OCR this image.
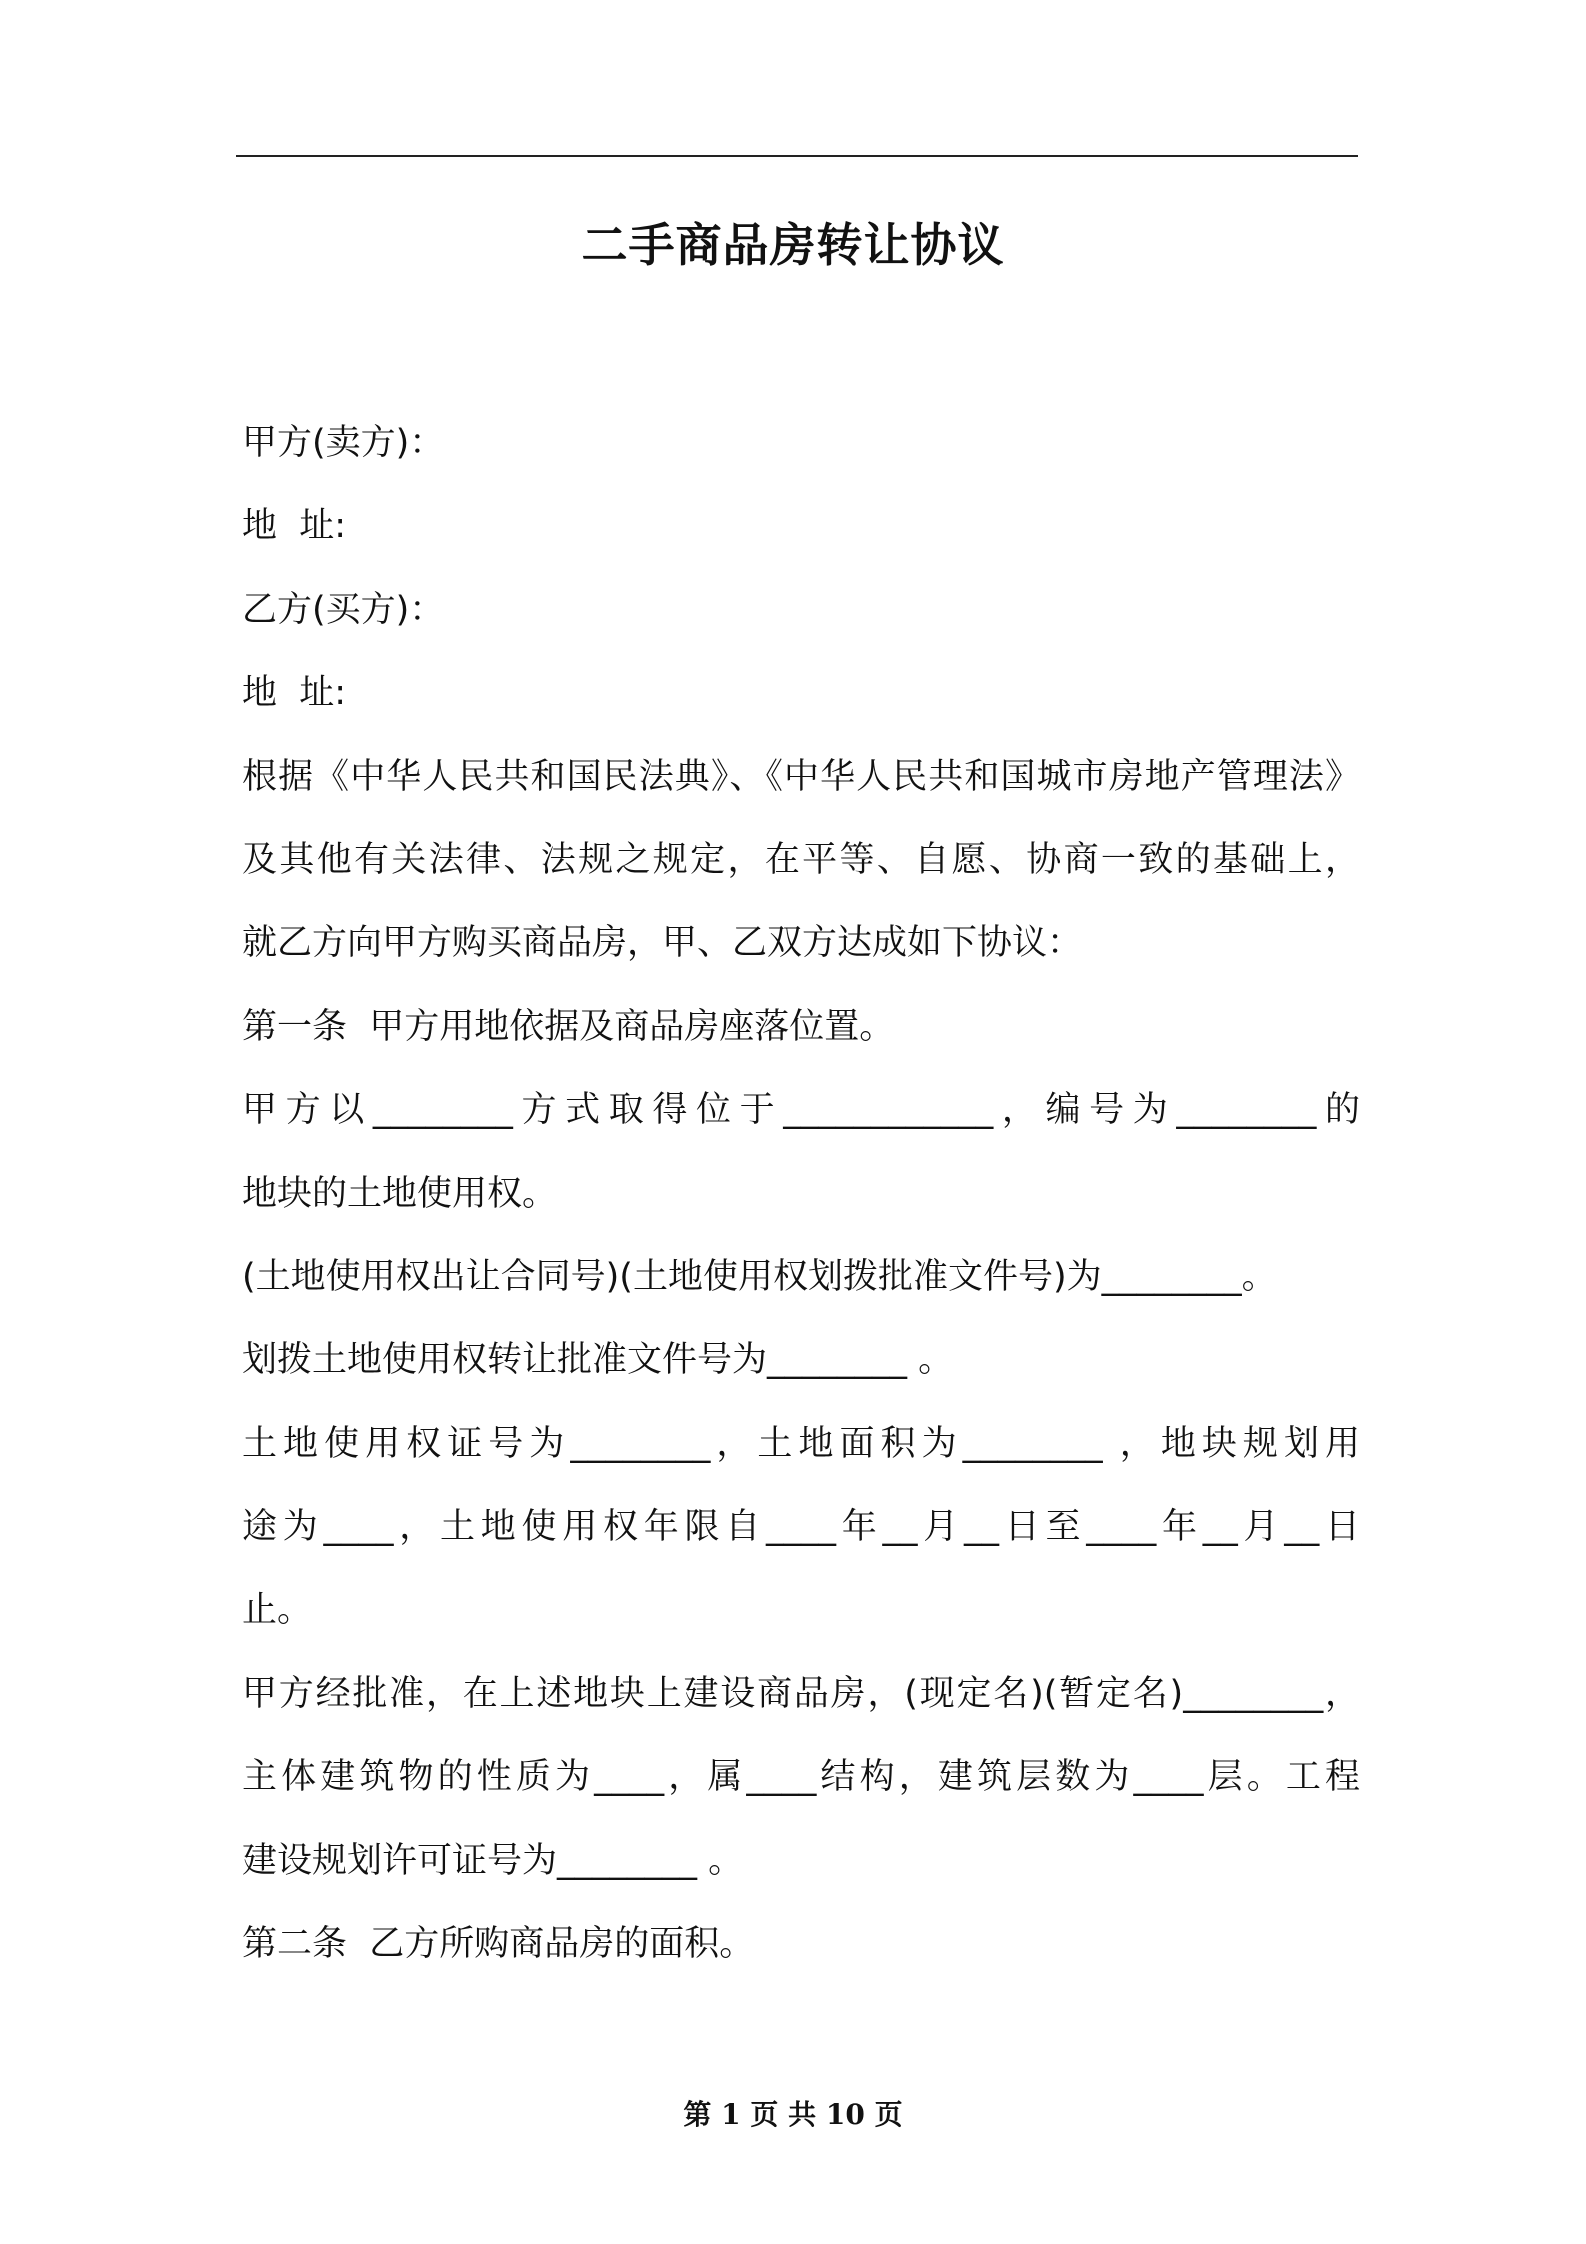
二手商品房转让协议
甲方(卖方)：
地  址:
乙方(买方)：
地  址:
根据《中华人民共和国民法典》、《中华人民共和国城市房地产管理法》
及其他有关法律、法规之规定，在平等、自愿、协商一致的基础上，
就乙方向甲方购买商品房，甲、乙双方达成如下协议：
第一条  甲方用地依据及商品房座落位置。
甲方以________方式取得位于____________，编号为________的
地块的土地使用权。
(土地使用权出让合同号)(土地使用权划拨批准文件号)为________。
划拨土地使用权转让批准文件号为________ 。
土地使用权证号为________，土地面积为________ ，地块规划用
途为____，土地使用权年限自____年__月__日至____年__月__日
止。
甲方经批准，在上述地块上建设商品房，(现定名)(暂定名)________，
主体建筑物的性质为____，属____结构，建筑层数为____层。工程
建设规划许可证号为________ 。
第二条  乙方所购商品房的面积。
第 1 页 共 10 页
